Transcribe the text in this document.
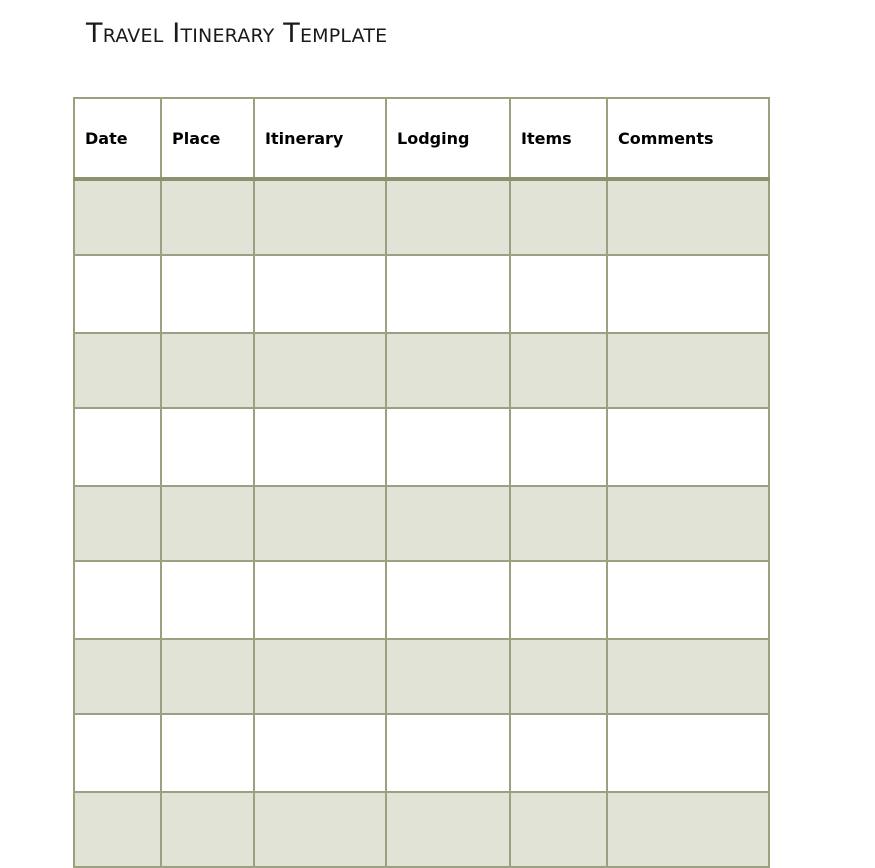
Travel Itinerary Template
Date	Place	Itinerary	Lodging	Items	Comments
